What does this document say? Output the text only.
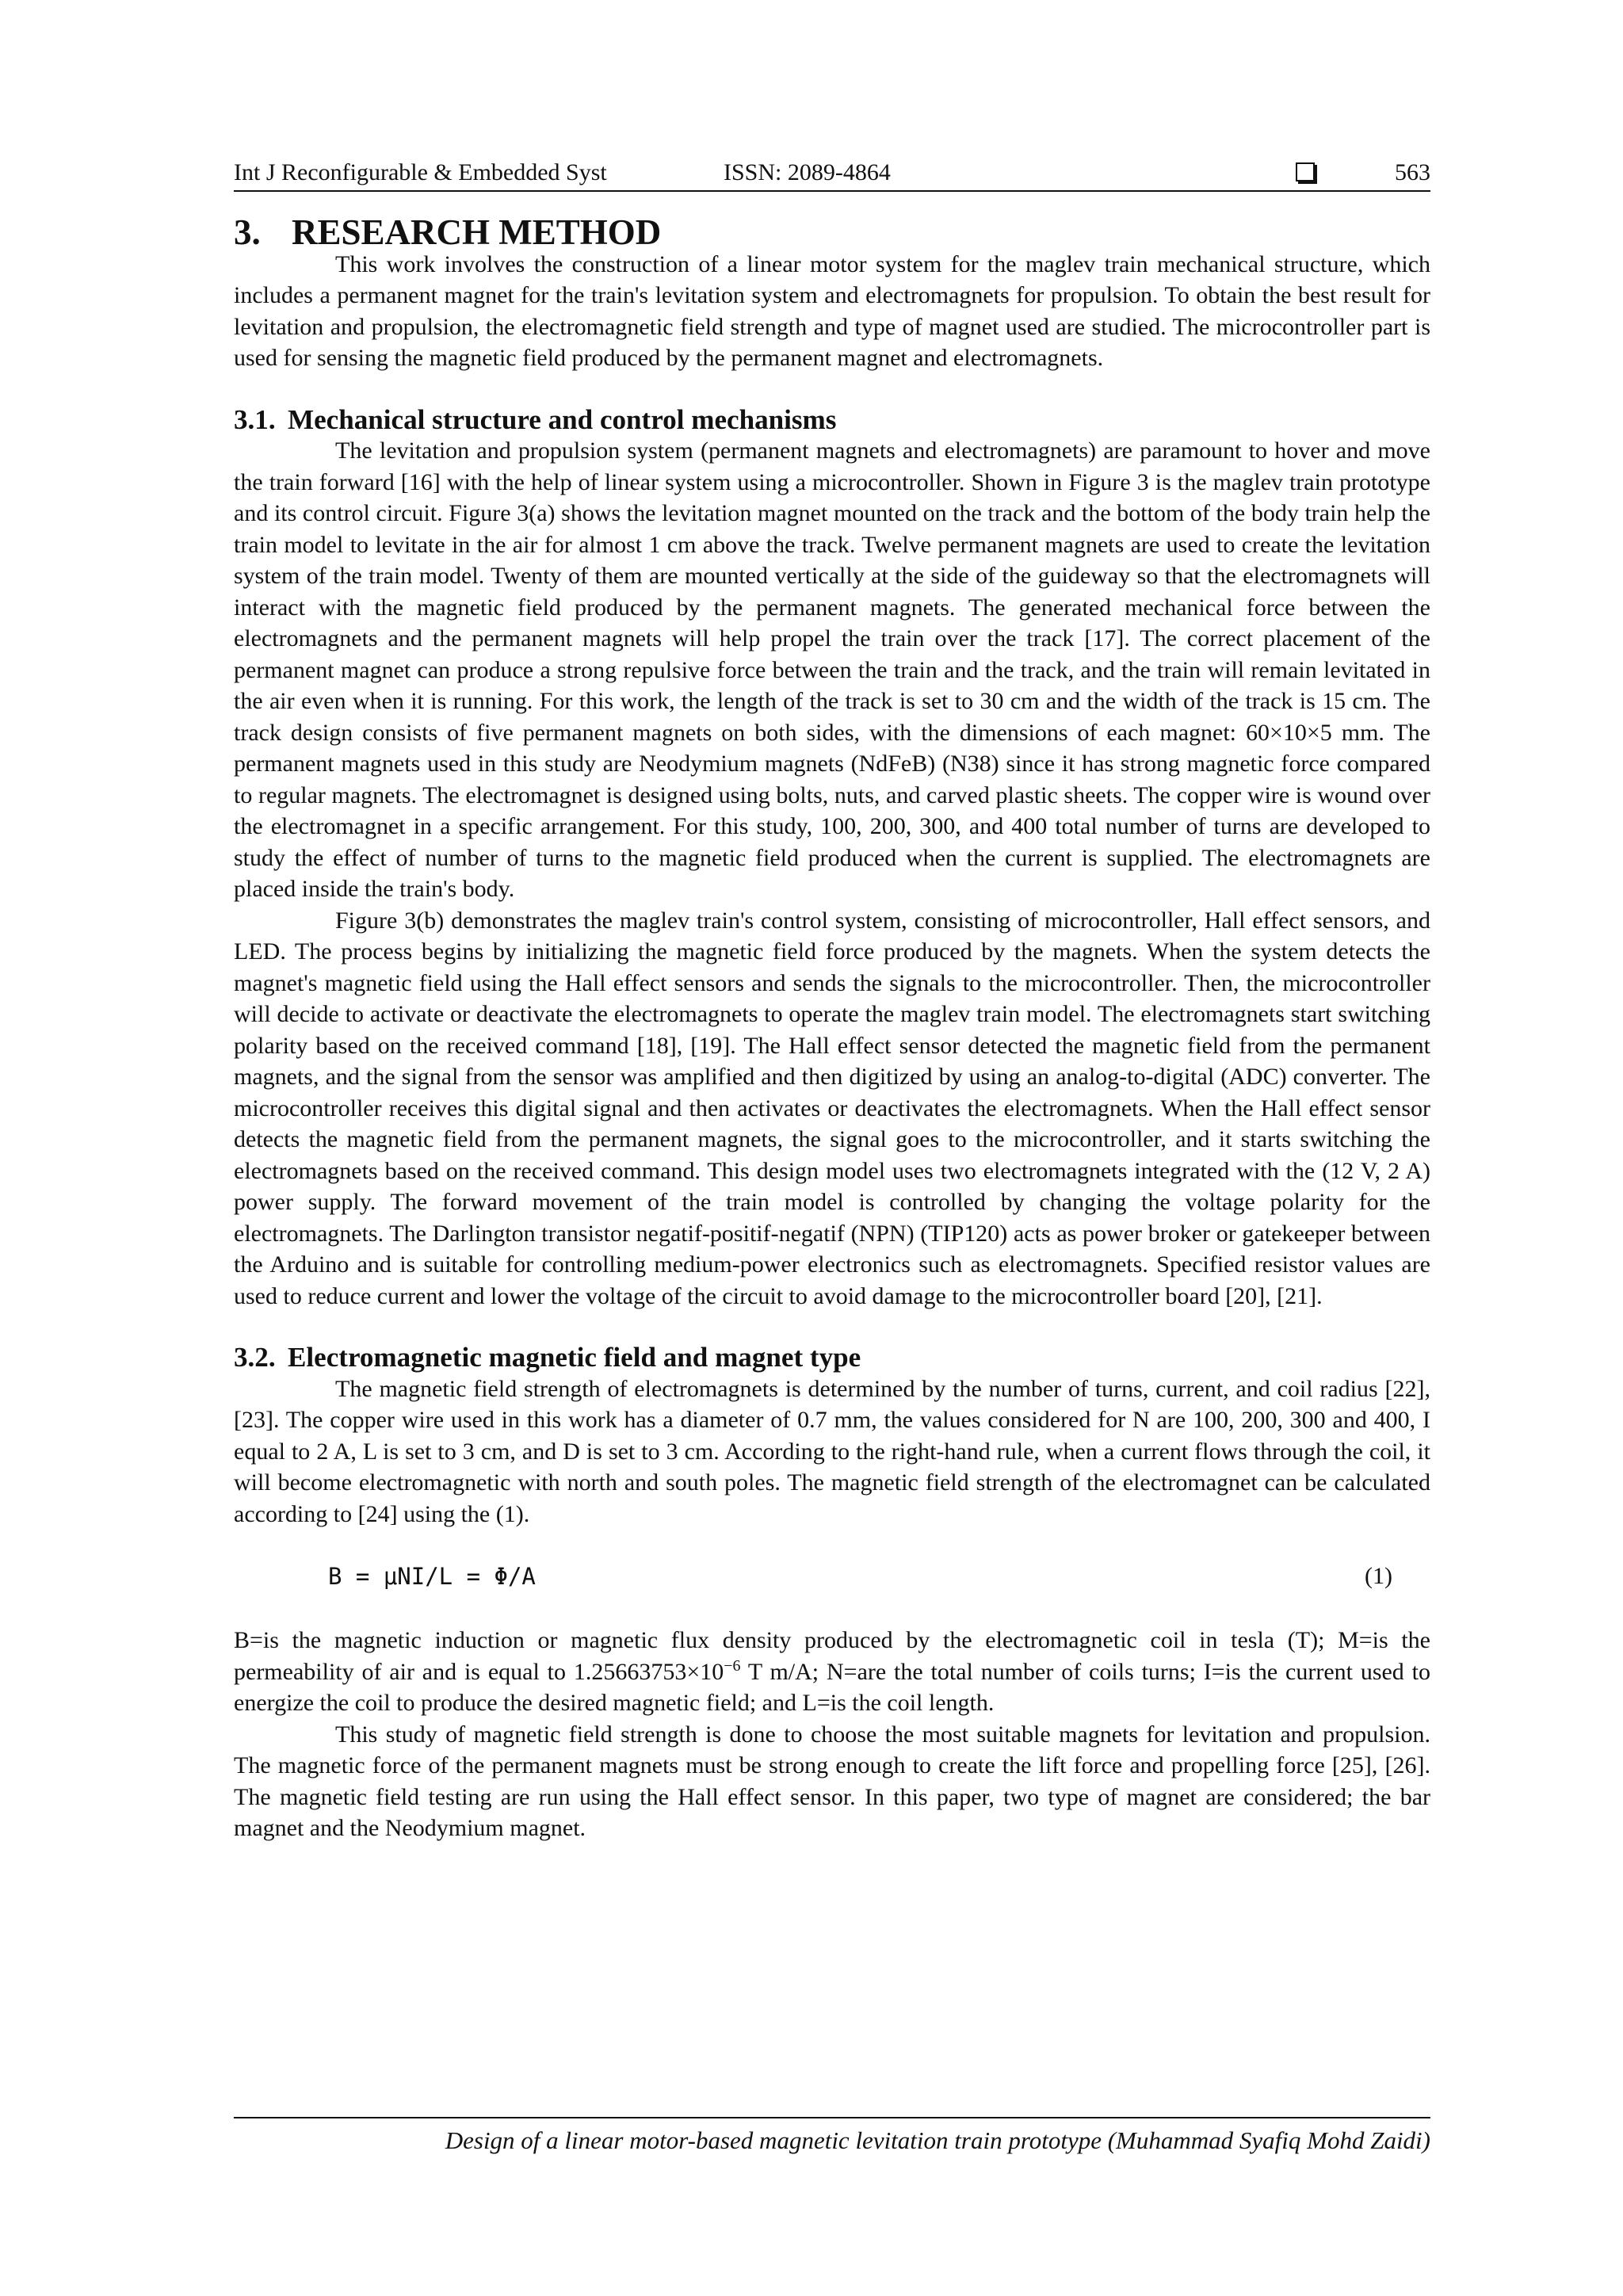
Int J Reconfigurable & Embedded Syst	ISSN: 2089-4864	563
3. RESEARCH METHOD

This work involves the construction of a linear motor system for the maglev train mechanical structure, which includes a permanent magnet for the train's levitation system and electromagnets for propulsion. To obtain the best result for levitation and propulsion, the electromagnetic field strength and type of magnet used are studied. The microcontroller part is used for sensing the magnetic field produced by the permanent magnet and electromagnets.

3.1. Mechanical structure and control mechanisms

The levitation and propulsion system (permanent magnets and electromagnets) are paramount to hover and move the train forward [16] with the help of linear system using a microcontroller. Shown in Figure 3 is the maglev train prototype and its control circuit. Figure 3(a) shows the levitation magnet mounted on the track and the bottom of the body train help the train model to levitate in the air for almost 1 cm above the track. Twelve permanent magnets are used to create the levitation system of the train model. Twenty of them are mounted vertically at the side of the guideway so that the electromagnets will interact with the magnetic field produced by the permanent magnets. The generated mechanical force between the electromagnets and the permanent magnets will help propel the train over the track [17]. The correct placement of the permanent magnet can produce a strong repulsive force between the train and the track, and the train will remain levitated in the air even when it is running. For this work, the length of the track is set to 30 cm and the width of the track is 15 cm. The track design consists of five permanent magnets on both sides, with the dimensions of each magnet: 60×10×5 mm. The permanent magnets used in this study are Neodymium magnets (NdFeB) (N38) since it has strong magnetic force compared to regular magnets. The electromagnet is designed using bolts, nuts, and carved plastic sheets. The copper wire is wound over the electromagnet in a specific arrangement. For this study, 100, 200, 300, and 400 total number of turns are developed to study the effect of number of turns to the magnetic field produced when the current is supplied. The electromagnets are placed inside the train's body.

Figure 3(b) demonstrates the maglev train's control system, consisting of microcontroller, Hall effect sensors, and LED. The process begins by initializing the magnetic field force produced by the magnets. When the system detects the magnet's magnetic field using the Hall effect sensors and sends the signals to the microcontroller. Then, the microcontroller will decide to activate or deactivate the electromagnets to operate the maglev train model. The electromagnets start switching polarity based on the received command [18], [19]. The Hall effect sensor detected the magnetic field from the permanent magnets, and the signal from the sensor was amplified and then digitized by using an analog-to-digital (ADC) converter. The microcontroller receives this digital signal and then activates or deactivates the electromagnets. When the Hall effect sensor detects the magnetic field from the permanent magnets, the signal goes to the microcontroller, and it starts switching the electromagnets based on the received command. This design model uses two electromagnets integrated with the (12 V, 2 A) power supply. The forward movement of the train model is controlled by changing the voltage polarity for the electromagnets. The Darlington transistor negatif-positif-negatif (NPN) (TIP120) acts as power broker or gatekeeper between the Arduino and is suitable for controlling medium-power electronics such as electromagnets. Specified resistor values are used to reduce current and lower the voltage of the circuit to avoid damage to the microcontroller board [20], [21].

3.2. Electromagnetic magnetic field and magnet type

The magnetic field strength of electromagnets is determined by the number of turns, current, and coil radius [22], [23]. The copper wire used in this work has a diameter of 0.7 mm, the values considered for N are 100, 200, 300 and 400, I equal to 2 A, L is set to 3 cm, and D is set to 3 cm. According to the right-hand rule, when a current flows through the coil, it will become electromagnetic with north and south poles. The magnetic field strength of the electromagnet can be calculated according to [24] using the (1).

B = μNI/L = Φ/A	(1)

B=is the magnetic induction or magnetic flux density produced by the electromagnetic coil in tesla (T); M=is the permeability of air and is equal to $1.25663753\times 10^{-6}$ T m/A; N=are the total number of coils turns; I=is the current used to energize the coil to produce the desired magnetic field; and L=is the coil length.

This study of magnetic field strength is done to choose the most suitable magnets for levitation and propulsion. The magnetic force of the permanent magnets must be strong enough to create the lift force and propelling force [25], [26]. The magnetic field testing are run using the Hall effect sensor. In this paper, two type of magnet are considered; the bar magnet and the Neodymium magnet.

Design of a linear motor-based magnetic levitation train prototype (Muhammad Syafiq Mohd Zaidi)
